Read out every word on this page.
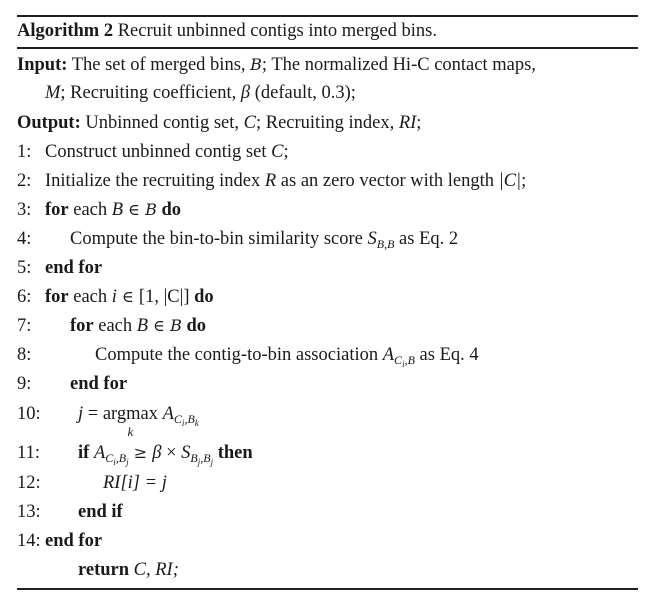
Algorithm 2 Recruit unbinned contigs into merged bins.
Input: The set of merged bins, B; The normalized Hi-C contact maps,
M; Recruiting coefficient, β (default, 0.3);
Output: Unbinned contig set, C; Recruiting index, RI;
1: Construct unbinned contig set C;
2: Initialize the recruiting index R as an zero vector with length |C|;
3: for each B ∈ B do
4:	Compute the bin-to-bin similarity score $S_{B,B}$ as Eq. 2
5: end for
6: for each i ∈ [1, |C|] do
7:	for each B ∈ B do
8:	Compute the contig-to-bin association $A_{C_i,B}$ as Eq. 4
9:	end for
10: j = argmax
k
$A_{C_i,B_k}$
11: if $A_{C_i,B_j} \ge \beta \times S_{B_j,B_j}$ then
12:	RI[i] = j
13: end if
14: end for
return C, RI;
